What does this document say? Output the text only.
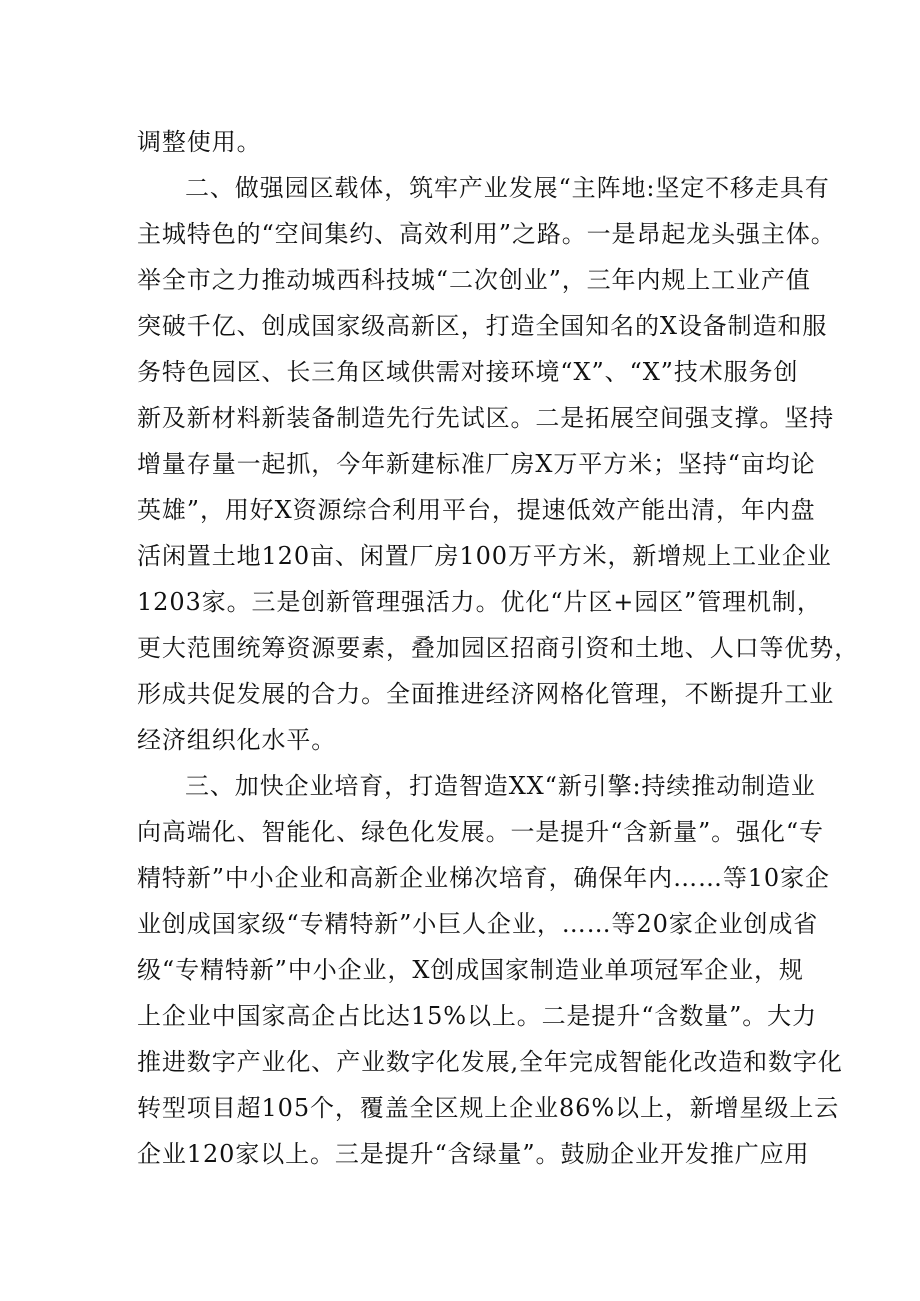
调整使用。
二、做强园区载体，筑牢产业发展“主阵地:坚定不移走具有
主城特色的“空间集约、高效利用”之路。一是昂起龙头强主体。
举全市之力推动城西科技城“二次创业”，三年内规上工业产值
突破千亿、创成国家级高新区，打造全国知名的X设备制造和服
务特色园区、长三角区域供需对接环境“X”、“X”技术服务创
新及新材料新装备制造先行先试区。二是拓展空间强支撑。坚持
增量存量一起抓，今年新建标准厂房X万平方米；坚持“亩均论
英雄”，用好X资源综合利用平台，提速低效产能出清，年内盘
活闲置土地120亩、闲置厂房100万平方米，新增规上工业企业
1203家。三是创新管理强活力。优化“片区+园区”管理机制，
更大范围统筹资源要素，叠加园区招商引资和土地、人口等优势，
形成共促发展的合力。全面推进经济网格化管理，不断提升工业
经济组织化水平。
三、加快企业培育，打造智造XX“新引擎:持续推动制造业
向高端化、智能化、绿色化发展。一是提升“含新量”。强化“专
精特新”中小企业和高新企业梯次培育，确保年内……等10家企
业创成国家级“专精特新”小巨人企业，……等20家企业创成省
级“专精特新”中小企业，X创成国家制造业单项冠军企业，规
上企业中国家高企占比达15%以上。二是提升“含数量”。大力
推进数字产业化、产业数字化发展,全年完成智能化改造和数字化
转型项目超105个，覆盖全区规上企业86%以上，新增星级上云
企业120家以上。三是提升“含绿量”。鼓励企业开发推广应用
